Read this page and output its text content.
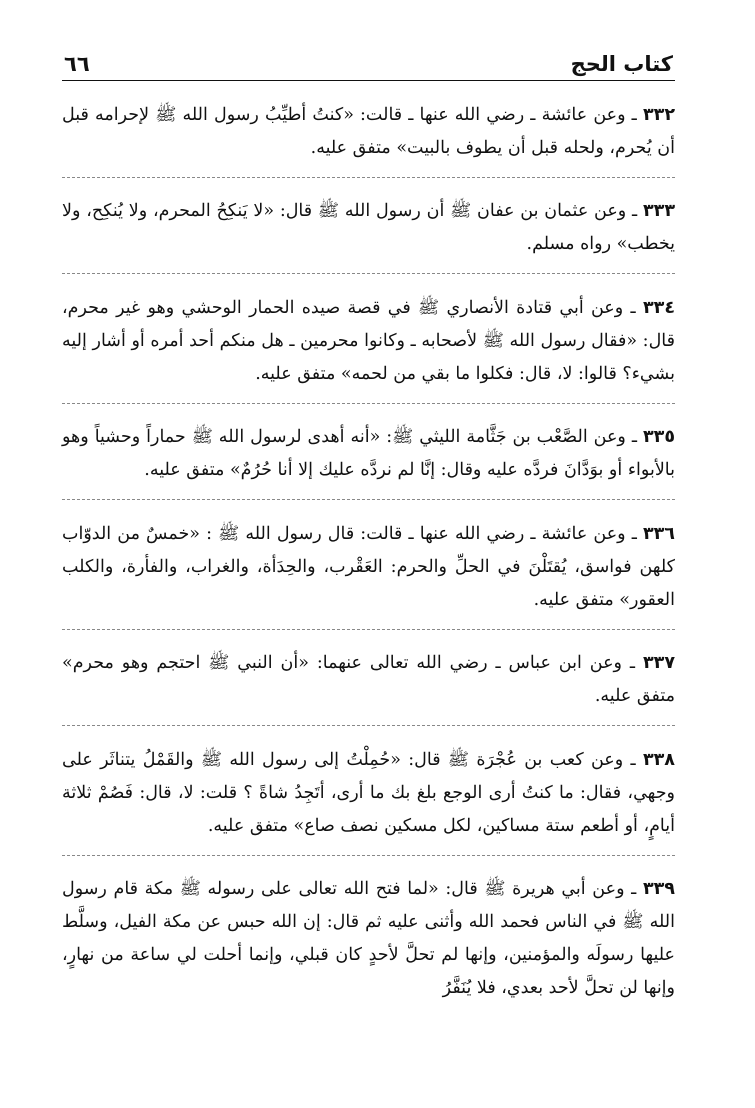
كتاب الحج
٦٦

٣٣٢ ـ وعن عائشة ـ رضي الله عنها ـ قالت: «كنتُ أطيِّبُ رسول الله ﷺ لإحرامه قبل أن يُحرم، ولحله قبل أن يطوف بالبيت» متفق عليه.

٣٣٣ ـ وعن عثمان بن عفان ﷺ أن رسول الله ﷺ قال: «لا يَنكِحُ المحرم، ولا يُنكِح، ولا يخطب» رواه مسلم.

٣٣٤ ـ وعن أبي قتادة الأنصاري ﷺ في قصة صيده الحمار الوحشي وهو غير محرم، قال: «فقال رسول الله ﷺ لأصحابه ـ وكانوا محرمين ـ هل منكم أحد أمره أو أشار إليه بشيء؟ قالوا: لا، قال: فكلوا ما بقي من لحمه» متفق عليه.

٣٣٥ ـ وعن الصَّعْب بن جَثَّامة الليثي ﷺ: «أنه أهدى لرسول الله ﷺ حماراً وحشياً وهو بالأبواء أو بوَدَّانَ فردَّه عليه وقال: إنَّا لم نردَّه عليك إلا أنا حُرُمٌ» متفق عليه.

٣٣٦ ـ وعن عائشة ـ رضي الله عنها ـ قالت: قال رسول الله ﷺ : «خمسٌ من الدوّاب كلهن فواسق، يُقتَلْنَ في الحلِّ والحرم: العَقْرب، والحِدَأة، والغراب، والفأرة، والكلب العقور» متفق عليه.

٣٣٧ ـ وعن ابن عباس ـ رضي الله تعالى عنهما: «أن النبي ﷺ احتجم وهو محرم» متفق عليه.

٣٣٨ ـ وعن كعب بن عُجْرَة ﷺ قال: «حُمِلْتُ إلى رسول الله ﷺ والقَمْلُ يتناثَر على وجهي، فقال: ما كنتُ أرى الوجع بلغ بك ما أرى، أتَجِدُ شاةً ؟ قلت: لا، قال: فَصُمْ ثلاثة أيامٍ، أو أطعم ستة مساكين، لكل مسكين نصف صاع» متفق عليه.

٣٣٩ ـ وعن أبي هريرة ﷺ قال: «لما فتح الله تعالى على رسوله ﷺ مكة قام رسول الله ﷺ في الناس فحمد الله وأثنى عليه ثم قال: إن الله حبس عن مكة الفيل، وسلَّط عليها رسولَه والمؤمنين، وإنها لم تحلَّ لأحدٍ كان قبلي، وإنما أحلت لي ساعة من نهارٍ، وإنها لن تحلَّ لأحد بعدي، فلا يُنَفَّرُ
